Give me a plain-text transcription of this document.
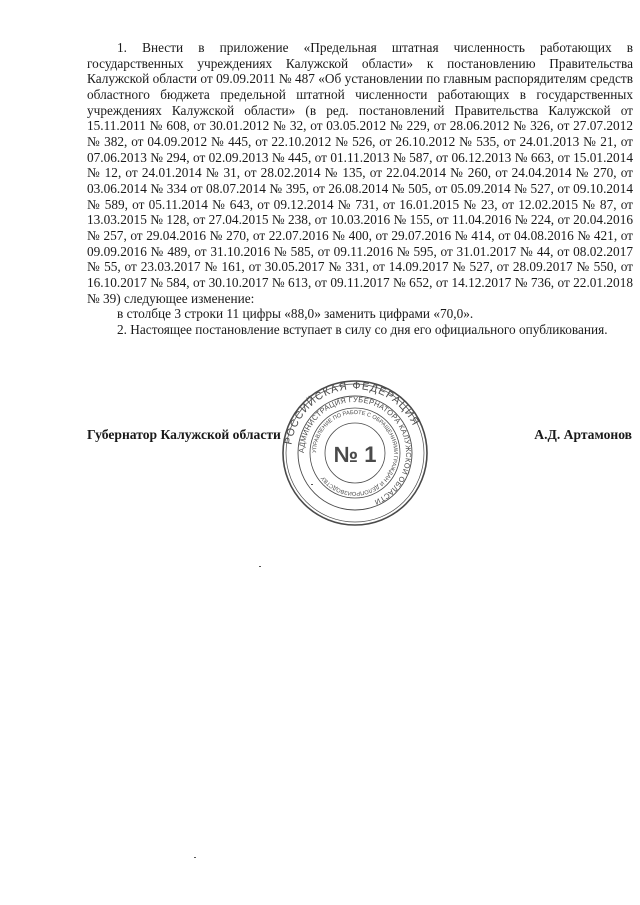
1. Внести в приложение «Предельная штатная численность работающих в государственных учреждениях Калужской области» к постановлению Правительства Калужской области от 09.09.2011 № 487 «Об установлении по главным распорядителям средств областного бюджета предельной штатной численности работающих в государственных учреждениях Калужской области» (в ред. постановлений Правительства Калужской от 15.11.2011 № 608, от 30.01.2012 № 32, от 03.05.2012 № 229, от 28.06.2012 № 326, от 27.07.2012 № 382, от 04.09.2012 № 445, от 22.10.2012 № 526, от 26.10.2012 № 535, от 24.01.2013 № 21, от 07.06.2013 № 294, от 02.09.2013 № 445, от 01.11.2013 № 587, от 06.12.2013 № 663, от 15.01.2014 № 12, от 24.01.2014 № 31, от 28.02.2014 № 135, от 22.04.2014 № 260, от 24.04.2014 № 270, от 03.06.2014 № 334 от 08.07.2014 № 395, от 26.08.2014 № 505, от 05.09.2014 № 527, от 09.10.2014 № 589, от 05.11.2014 № 643, от 09.12.2014 № 731, от 16.01.2015 № 23, от 12.02.2015 № 87, от 13.03.2015 № 128, от 27.04.2015 № 238, от 10.03.2016 № 155, от 11.04.2016 № 224, от 20.04.2016 № 257, от 29.04.2016 № 270, от 22.07.2016 № 400, от 29.07.2016 № 414, от 04.08.2016 № 421, от 09.09.2016 № 489, от 31.10.2016 № 585, от 09.11.2016 № 595, от 31.01.2017 № 44, от 08.02.2017 № 55, от 23.03.2017 № 161, от 30.05.2017 № 331, от 14.09.2017 № 527, от 28.09.2017 № 550, от 16.10.2017 № 584, от 30.10.2017 № 613, от 09.11.2017 № 652, от 14.12.2017 № 736, от 22.01.2018 № 39) следующее изменение:

в столбце 3 строки 11 цифры «88,0» заменить цифрами «70,0».

2. Настоящее постановление вступает в силу со дня его официального опубликования.

Губернатор Калужской области	А.Д. Артамонов
РОССИЙСКАЯ ФЕДЕРАЦИЯ
АДМИНИСТРАЦИЯ ГУБЕРНАТОРА КАЛУЖСКОЙ ОБЛАСТИ
УПРАВЛЕНИЕ ПО РАБОТЕ С ОБРАЩЕНИЯМИ ГРАЖДАН И ДЕЛОПРОИЗВОДСТВУ
№ 1
